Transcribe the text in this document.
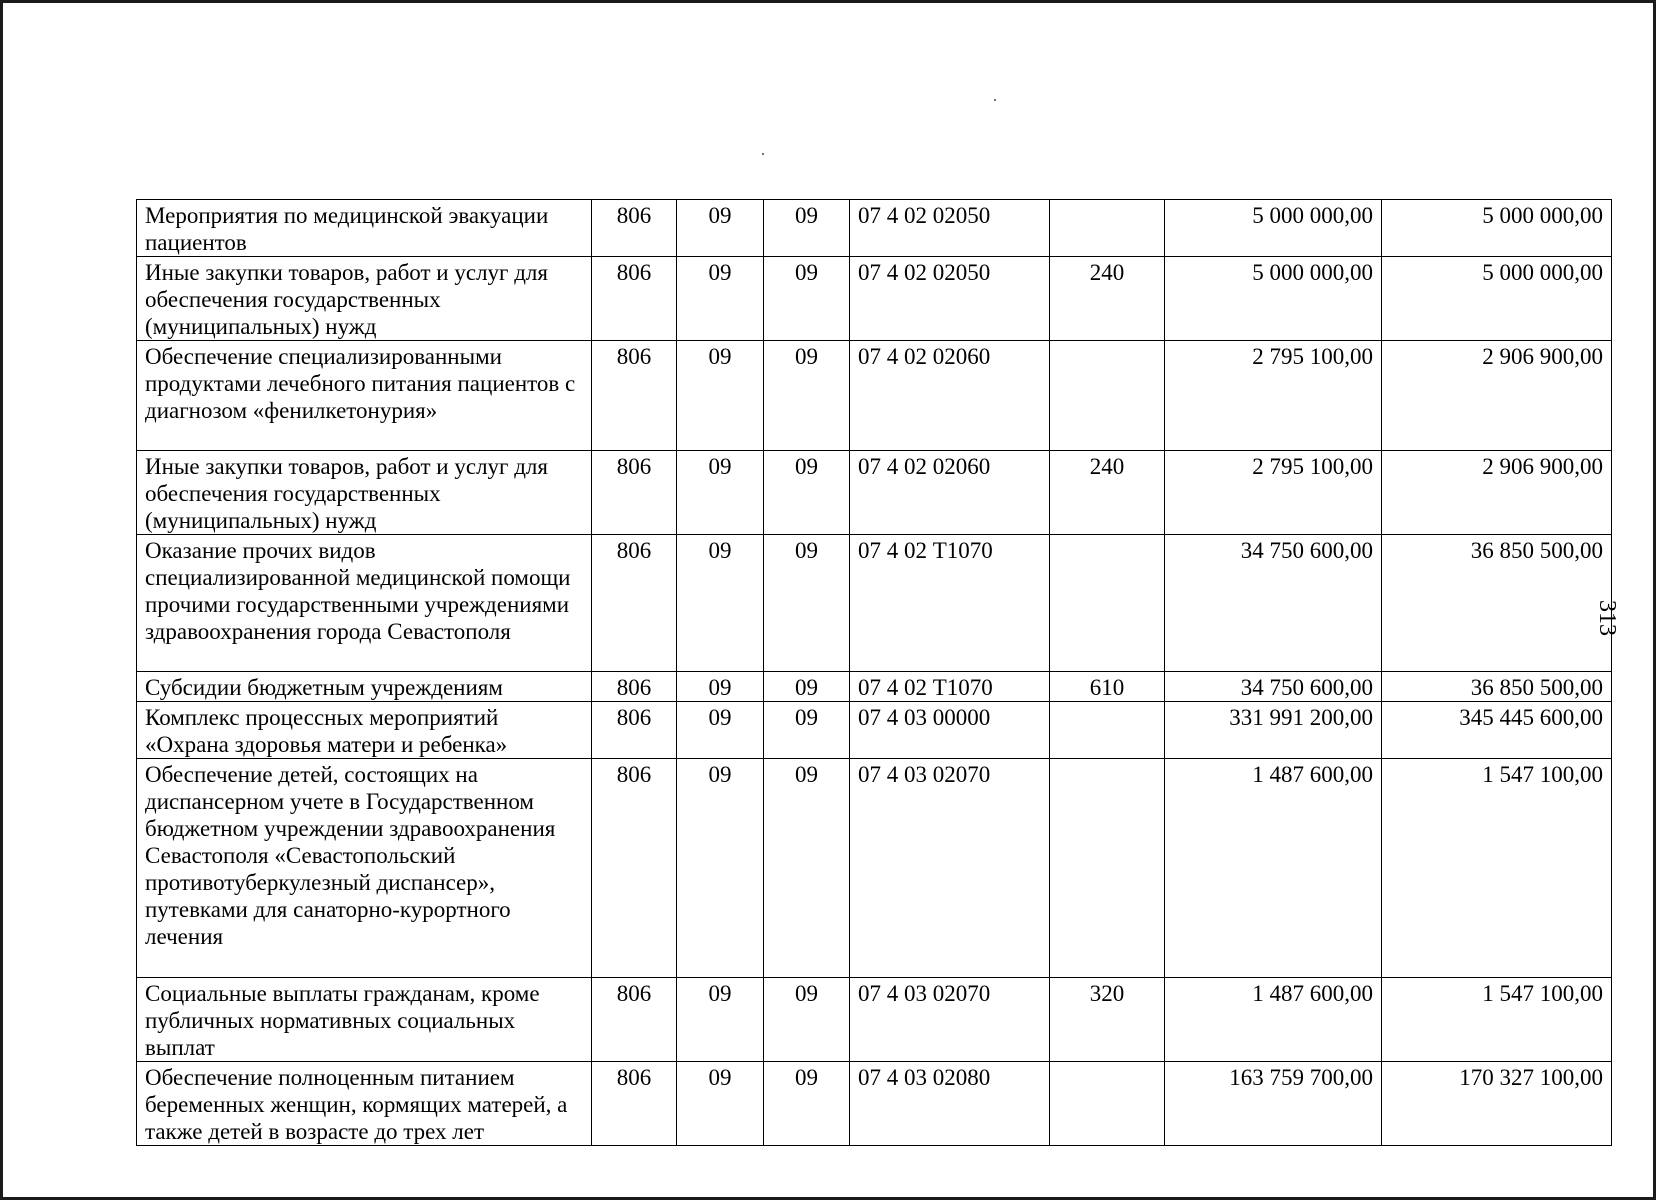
Мероприятия по медицинской эвакуации пациентов	806	09	09	07 4 02 02050		5 000 000,00	5 000 000,00
Иные закупки товаров, работ и услуг для обеспечения государственных (муниципальных) нужд	806	09	09	07 4 02 02050	240	5 000 000,00	5 000 000,00
Обеспечение специализированными продуктами лечебного питания пациентов с диагнозом «фенилкетонурия»	806	09	09	07 4 02 02060		2 795 100,00	2 906 900,00
Иные закупки товаров, работ и услуг для обеспечения государственных (муниципальных) нужд	806	09	09	07 4 02 02060	240	2 795 100,00	2 906 900,00
Оказание прочих видов специализированной медицинской помощи прочими государственными учреждениями здравоохранения города Севастополя	806	09	09	07 4 02 Т1070		34 750 600,00	36 850 500,00
Субсидии бюджетным учреждениям	806	09	09	07 4 02 Т1070	610	34 750 600,00	36 850 500,00
Комплекс процессных мероприятий «Охрана здоровья матери и ребенка»	806	09	09	07 4 03 00000		331 991 200,00	345 445 600,00
Обеспечение детей, состоящих на диспансерном учете в Государственном бюджетном учреждении здравоохранения Севастополя «Севастопольский противотуберкулезный диспансер», путевками для санаторно-курортного лечения	806	09	09	07 4 03 02070		1 487 600,00	1 547 100,00
Социальные выплаты гражданам, кроме публичных нормативных социальных выплат	806	09	09	07 4 03 02070	320	1 487 600,00	1 547 100,00
Обеспечение полноценным питанием беременных женщин, кормящих матерей, а также детей в возрасте до трех лет	806	09	09	07 4 03 02080		163 759 700,00	170 327 100,00
313
